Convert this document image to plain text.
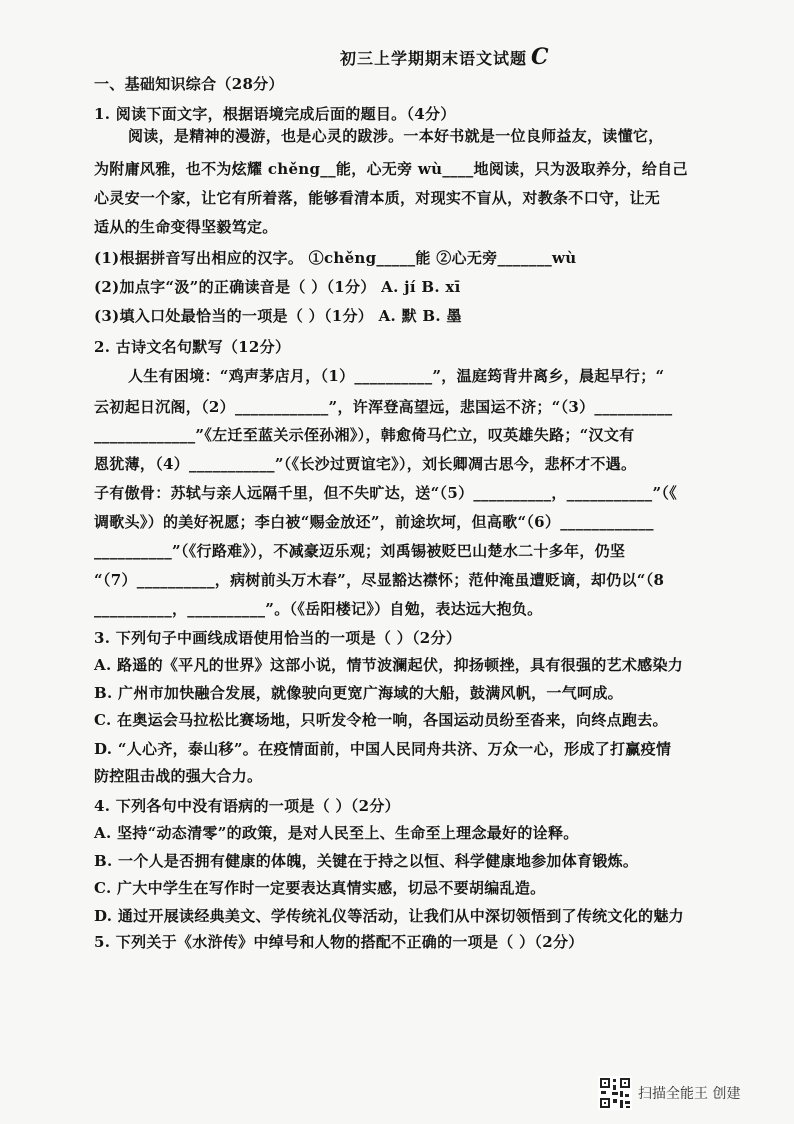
初三上学期期末语文试题 C
一、基础知识综合（28分）
1. 阅读下面文字，根据语境完成后面的题目。（4分）
阅读，是精神的漫游，也是心灵的跋涉。一本好书就是一位良师益友，读懂它，
为附庸风雅，也不为炫耀 chěng__能，心无旁 wù____地阅读，只为汲取养分，给自己
心灵安一个家，让它有所着落，能够看清本质，对现实不盲从，对教条不口守，让无
适从的生命变得坚毅笃定。
(1)根据拼音写出相应的汉字。 ①chěng_____能 ②心无旁_______wù
(2)加点字“汲”的正确读音是（ ）（1分） A. jí B. xī
(3)填入口处最恰当的一项是（ ）（1分） A. 默 B. 墨
2. 古诗文名句默写（12分）
人生有困境：“鸡声茅店月，（1）__________”，温庭筠背井离乡，晨起早行；“
云初起日沉阁，（2）____________”，许浑登高望远，悲国运不济；“（3）__________
_____________”《左迁至蓝关示侄孙湘》），韩愈倚马伫立，叹英雄失路；“汉文有
恩犹薄，（4）___________”（《长沙过贾谊宅》），刘长卿凋古思今，悲杯才不遇。
子有傲骨：苏轼与亲人远隔千里，但不失旷达，送“（5）__________，___________”（《
调歌头》）的美好祝愿；李白被“赐金放还”，前途坎坷，但高歌“（6）____________
__________”（《行路难》），不减豪迈乐观；刘禹锡被贬巴山楚水二十多年，仍坚
“（7）__________，病树前头万木春”，尽显豁达襟怀；范仲淹虽遭贬谪，却仍以“（8
__________，__________”。（《岳阳楼记》）自勉，表达远大抱负。
3. 下列句子中画线成语使用恰当的一项是（ ）（2分）
A. 路遥的《平凡的世界》这部小说，情节波澜起伏，抑扬顿挫，具有很强的艺术感染力
B. 广州市加快融合发展，就像驶向更宽广海域的大船，鼓满风帆，一气呵成。
C. 在奥运会马拉松比赛场地，只听发令枪一响，各国运动员纷至沓来，向终点跑去。
D. “人心齐，泰山移”。在疫情面前，中国人民同舟共济、万众一心，形成了打赢疫情
防控阻击战的强大合力。
4. 下列各句中没有语病的一项是（ ）（2分）
A. 坚持“动态清零”的政策，是对人民至上、生命至上理念最好的诠释。
B. 一个人是否拥有健康的体魄，关键在于持之以恒、科学健康地参加体育锻炼。
C. 广大中学生在写作时一定要表达真情实感，切忌不要胡编乱造。
D. 通过开展读经典美文、学传统礼仪等活动，让我们从中深切领悟到了传统文化的魅力
5. 下列关于《水浒传》中绰号和人物的搭配不正确的一项是（ ）（2分）
扫描全能王 创建
